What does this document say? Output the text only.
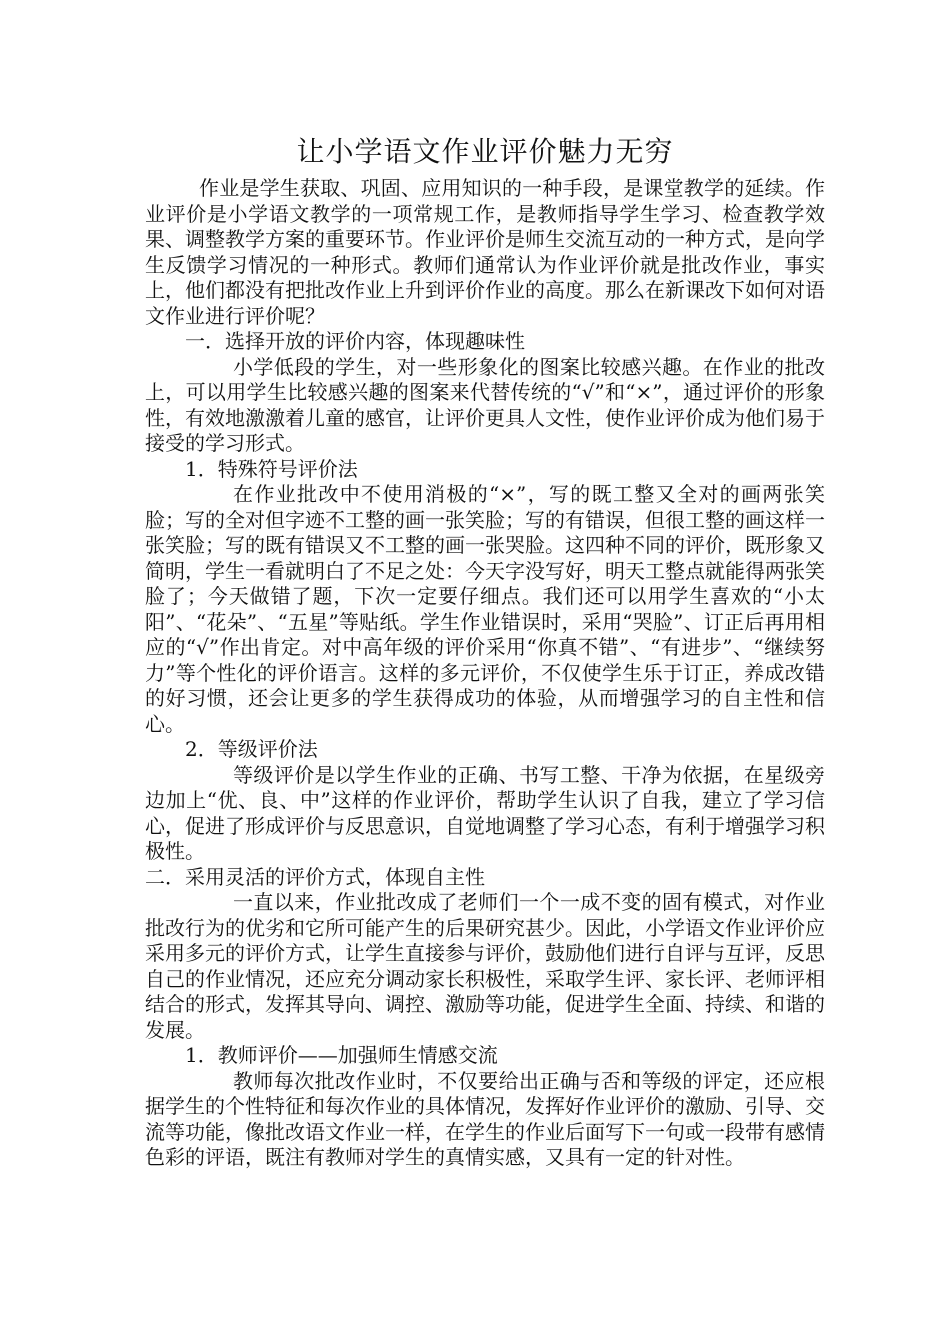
让小学语文作业评价魅力无穷

作业是学生获取、巩固、应用知识的一种手段，是课堂教学的延续。作业评价是小学语文教学的一项常规工作，是教师指导学生学习、检查教学效果、调整教学方案的重要环节。作业评价是师生交流互动的一种方式，是向学生反馈学习情况的一种形式。教师们通常认为作业评价就是批改作业，事实上，他们都没有把批改作业上升到评价作业的高度。那么在新课改下如何对语文作业进行评价呢？

一．选择开放的评价内容，体现趣味性

小学低段的学生，对一些形象化的图案比较感兴趣。在作业的批改上，可以用学生比较感兴趣的图案来代替传统的“√”和“×”，通过评价的形象性，有效地激激着儿童的感官，让评价更具人文性，使作业评价成为他们易于接受的学习形式。

1．特殊符号评价法

在作业批改中不使用消极的“×”，写的既工整又全对的画两张笑脸；写的全对但字迹不工整的画一张笑脸；写的有错误，但很工整的画这样一张笑脸；写的既有错误又不工整的画一张哭脸。这四种不同的评价，既形象又简明，学生一看就明白了不足之处：今天字没写好，明天工整点就能得两张笑脸了；今天做错了题，下次一定要仔细点。我们还可以用学生喜欢的“小太阳”、“花朵”、“五星”等贴纸。学生作业错误时，采用“哭脸”、订正后再用相应的“√”作出肯定。对中高年级的评价采用“你真不错”、“有进步”、“继续努力”等个性化的评价语言。这样的多元评价，不仅使学生乐于订正，养成改错的好习惯，还会让更多的学生获得成功的体验，从而增强学习的自主性和信心。

2．等级评价法

等级评价是以学生作业的正确、书写工整、干净为依据，在星级旁边加上“优、良、中”这样的作业评价，帮助学生认识了自我，建立了学习信心，促进了形成评价与反思意识，自觉地调整了学习心态，有利于增强学习积极性。

二．采用灵活的评价方式，体现自主性

一直以来，作业批改成了老师们一个一成不变的固有模式，对作业批改行为的优劣和它所可能产生的后果研究甚少。因此，小学语文作业评价应采用多元的评价方式，让学生直接参与评价，鼓励他们进行自评与互评，反思自己的作业情况，还应充分调动家长积极性，采取学生评、家长评、老师评相结合的形式，发挥其导向、调控、激励等功能，促进学生全面、持续、和谐的发展。

1．教师评价——加强师生情感交流

教师每次批改作业时，不仅要给出正确与否和等级的评定，还应根据学生的个性特征和每次作业的具体情况，发挥好作业评价的激励、引导、交流等功能，像批改语文作业一样，在学生的作业后面写下一句或一段带有感情色彩的评语，既注有教师对学生的真情实感，又具有一定的针对性。
